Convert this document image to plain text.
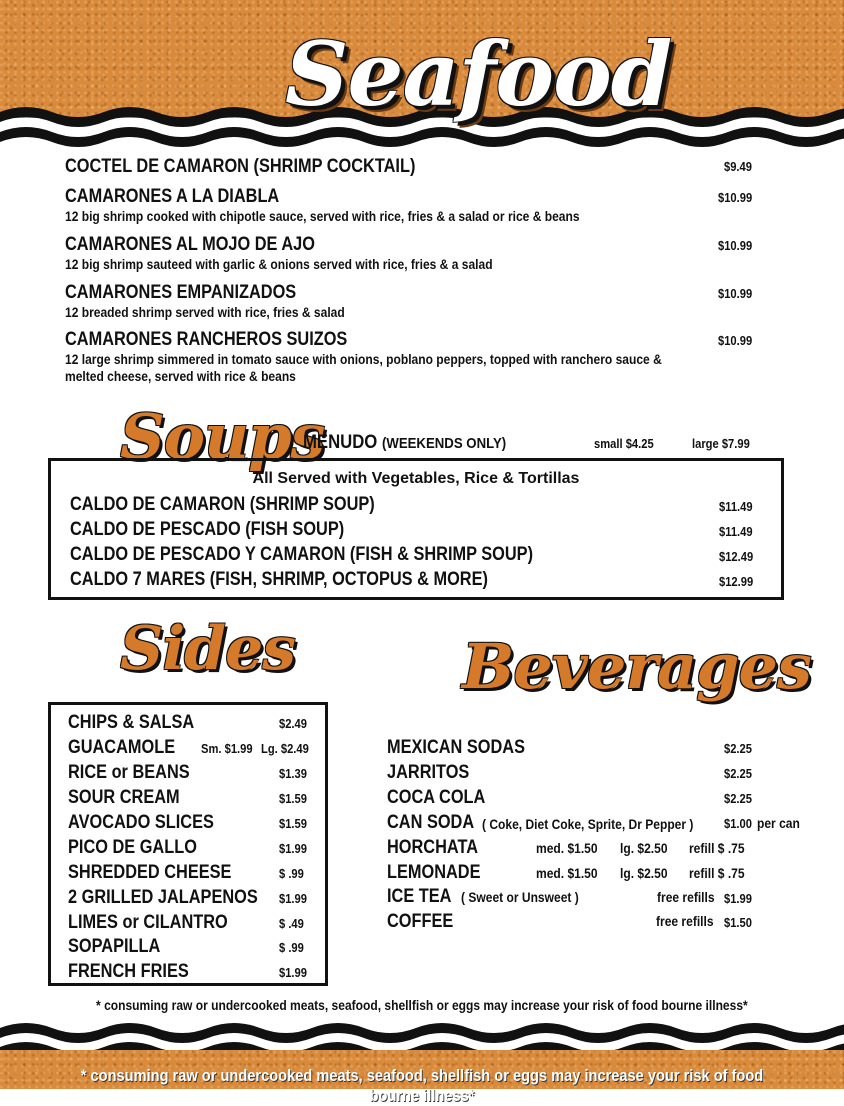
Seafood
COCTEL DE CAMARON (SHRIMP COCKTAIL)	$9.49
CAMARONES A LA DIABLA
12 big shrimp cooked with chipotle sauce, served with rice, fries & a salad or rice & beans
$10.99
CAMARONES AL MOJO DE AJO
12 big shrimp sauteed with garlic & onions served with rice, fries & a salad
$10.99
CAMARONES EMPANIZADOS
12 breaded shrimp served with rice, fries & salad
$10.99
CAMARONES RANCHEROS SUIZOS
12 large shrimp simmered in tomato sauce with onions, poblano peppers, topped with ranchero sauce & melted cheese, served with rice & beans
$10.99
Soups
MENUDO (WEEKENDS ONLY)	small $4.25	large $7.99
All Served with Vegetables, Rice & Tortillas
CALDO DE CAMARON (SHRIMP SOUP)	$11.49
CALDO DE PESCADO (FISH SOUP)	$11.49
CALDO DE PESCADO Y CAMARON (FISH & SHRIMP SOUP)	$12.49
CALDO 7 MARES (FISH, SHRIMP, OCTOPUS & MORE)	$12.99
Sides
CHIPS & SALSA	$2.49
GUACAMOLE Sm. $1.99 Lg. $2.49
RICE or BEANS	$1.39
SOUR CREAM	$1.59
AVOCADO SLICES	$1.59
PICO DE GALLO	$1.99
SHREDDED CHEESE	$ .99
2 GRILLED JALAPENOS $1.99
LIMES or CILANTRO	$ .49
SOPAPILLA	$ .99
FRENCH FRIES	$1.99
Beverages
MEXICAN SODAS	$2.25
JARRITOS	$2.25
COCA COLA	$2.25
CAN SODA ( Coke, Diet Coke, Sprite, Dr Pepper ) $1.00 per can
HORCHATA	med. $1.50 lg. $2.50 refill $ .75
LEMONADE	med. $1.50 lg. $2.50 refill $ .75
ICE TEA ( Sweet or Unsweet )	free refills $1.99
COFFEE	free refills $1.50
* consuming raw or undercooked meats, seafood, shellfish or eggs may increase your risk of food bourne illness*
* consuming raw or undercooked meats, seafood, shellfish or eggs may increase your risk of food bourne illness*
